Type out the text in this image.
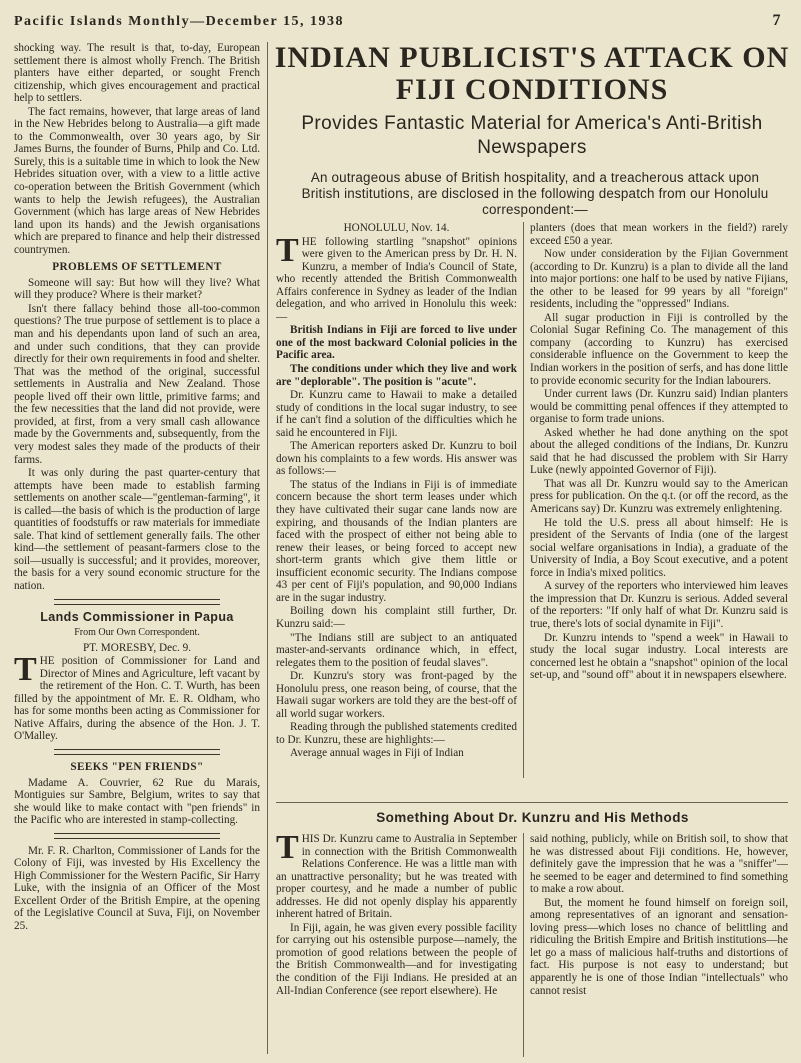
Pacific Islands Monthly—December 15, 1938	7

shocking way. The result is that, to-day, European settlement there is almost wholly French. The British planters have either departed, or sought French citizenship, which gives encouragement and practical help to settlers.

The fact remains, however, that large areas of land in the New Hebrides belong to Australia—a gift made to the Commonwealth, over 30 years ago, by Sir James Burns, the founder of Burns, Philp and Co. Ltd. Surely, this is a suitable time in which to look the New Hebrides situation over, with a view to a little active co-operation between the British Government (which wants to help the Jewish refugees), the Australian Government (which has large areas of New Hebrides land upon its hands) and the Jewish organisations which are prepared to finance and help their distressed countrymen.

PROBLEMS OF SETTLEMENT

Someone will say: But how will they live? What will they produce? Where is their market?

Isn't there fallacy behind those all-too-common questions? The true purpose of settlement is to place a man and his dependants upon land of such an area, and under such conditions, that they can provide directly for their own requirements in food and shelter. That was the method of the original, successful settlements in Australia and New Zealand. Those people lived off their own little, primitive farms; and the few necessities that the land did not provide, were provided, at first, from a very small cash allowance made by the Governments and, subsequently, from the very modest sales they made of the products of their farms.

It was only during the past quarter-century that attempts have been made to establish farming settlements on another scale—"gentleman-farming", it is called—the basis of which is the production of large quantities of foodstuffs or raw materials for immediate sale. That kind of settlement generally fails. The other kind—the settlement of peasant-farmers close to the soil—usually is successful; and it provides, moreover, the basis for a very sound economic structure for the nation.

Lands Commissioner in Papua
From Our Own Correspondent.

PT. MORESBY, Dec. 9.

THE position of Commissioner for Land and Director of Mines and Agriculture, left vacant by the retirement of the Hon. C. T. Wurth, has been filled by the appointment of Mr. E. R. Oldham, who has for some months been acting as Commissioner for Native Affairs, during the absence of the Hon. J. T. O'Malley.

SEEKS "PEN FRIENDS"

Madame A. Couvrier, 62 Rue du Marais, Montiguies sur Sambre, Belgium, writes to say that she would like to make contact with "pen friends" in the Pacific who are interested in stamp-collecting.

Mr. F. R. Charlton, Commissioner of Lands for the Colony of Fiji, was invested by His Excellency the High Commissioner for the Western Pacific, Sir Harry Luke, with the insignia of an Officer of the Most Excellent Order of the British Empire, at the opening of the Legislative Council at Suva, Fiji, on November 25.

INDIAN PUBLICIST'S ATTACK ON FIJI CONDITIONS
Provides Fantastic Material for America's Anti-British Newspapers
An outrageous abuse of British hospitality, and a treacherous attack upon British institutions, are disclosed in the following despatch from our Honolulu correspondent:—

HONOLULU, Nov. 14.

THE following startling "snapshot" opinions were given to the American press by Dr. H. N. Kunzru, a member of India's Council of State, who recently attended the British Commonwealth Affairs conference in Sydney as leader of the Indian delegation, and who arrived in Honolulu this week:—

British Indians in Fiji are forced to live under one of the most backward Colonial policies in the Pacific area.

The conditions under which they live and work are "deplorable". The position is "acute".

Dr. Kunzru came to Hawaii to make a detailed study of conditions in the local sugar industry, to see if he can't find a solution of the difficulties which he said he encountered in Fiji.

The American reporters asked Dr. Kunzru to boil down his complaints to a few words. His answer was as follows:—

The status of the Indians in Fiji is of immediate concern because the short term leases under which they have cultivated their sugar cane lands now are expiring, and thousands of the Indian planters are faced with the prospect of either not being able to renew their leases, or being forced to accept new short-term grants which give them little or insufficient economic security. The Indians compose 43 per cent of Fiji's population, and 90,000 Indians are in the sugar industry.

Boiling down his complaint still further, Dr. Kunzru said:—

"The Indians still are subject to an antiquated master-and-servants ordinance which, in effect, relegates them to the position of feudal slaves".

Dr. Kunzru's story was front-paged by the Honolulu press, one reason being, of course, that the Hawaii sugar workers are told they are the best-off of all world sugar workers.

Reading through the published statements credited to Dr. Kunzru, these are highlights:—

Average annual wages in Fiji of Indian

planters (does that mean workers in the field?) rarely exceed £50 a year.

Now under consideration by the Fijian Government (according to Dr. Kunzru) is a plan to divide all the land into major portions: one half to be used by native Fijians, the other to be leased for 99 years by all "foreign" residents, including the "oppressed" Indians.

All sugar production in Fiji is controlled by the Colonial Sugar Refining Co. The management of this company (according to Kunzru) has exercised considerable influence on the Government to keep the Indian workers in the position of serfs, and has done little to provide economic security for the Indian labourers.

Under current laws (Dr. Kunzru said) Indian planters would be committing penal offences if they attempted to organise to form trade unions.

Asked whether he had done anything on the spot about the alleged conditions of the Indians, Dr. Kunzru said that he had discussed the problem with Sir Harry Luke (newly appointed Governor of Fiji).

That was all Dr. Kunzru would say to the American press for publication. On the q.t. (or off the record, as the Americans say) Dr. Kunzru was extremely enlightening.

He told the U.S. press all about himself: He is president of the Servants of India (one of the largest social welfare organisations in India), a graduate of the University of India, a Boy Scout executive, and a potent force in India's mixed politics.

A survey of the reporters who interviewed him leaves the impression that Dr. Kunzru is serious. Added several of the reporters: "If only half of what Dr. Kunzru said is true, there's lots of social dynamite in Fiji".

Dr. Kunzru intends to "spend a week" in Hawaii to study the local sugar industry. Local interests are concerned lest he obtain a "snapshot" opinion of the local set-up, and "sound off" about it in newspapers elsewhere.

Something About Dr. Kunzru and His Methods

THIS Dr. Kunzru came to Australia in September in connection with the British Commonwealth Relations Conference. He was a little man with an unattractive personality; but he was treated with proper courtesy, and he made a number of public addresses. He did not openly display his apparently inherent hatred of Britain.

In Fiji, again, he was given every possible facility for carrying out his ostensible purpose—namely, the promotion of good relations between the people of the British Commonwealth—and for investigating the condition of the Fiji Indians. He presided at an All-Indian Conference (see report elsewhere). He

said nothing, publicly, while on British soil, to show that he was distressed about Fiji conditions. He, however, definitely gave the impression that he was a "sniffer"—he seemed to be eager and determined to find something to make a row about.

But, the moment he found himself on foreign soil, among representatives of an ignorant and sensation-loving press—which loses no chance of belittling and ridiculing the British Empire and British institutions—he let go a mass of malicious half-truths and distortions of fact. His purpose is not easy to understand; but apparently he is one of those Indian "intellectuals" who cannot resist
